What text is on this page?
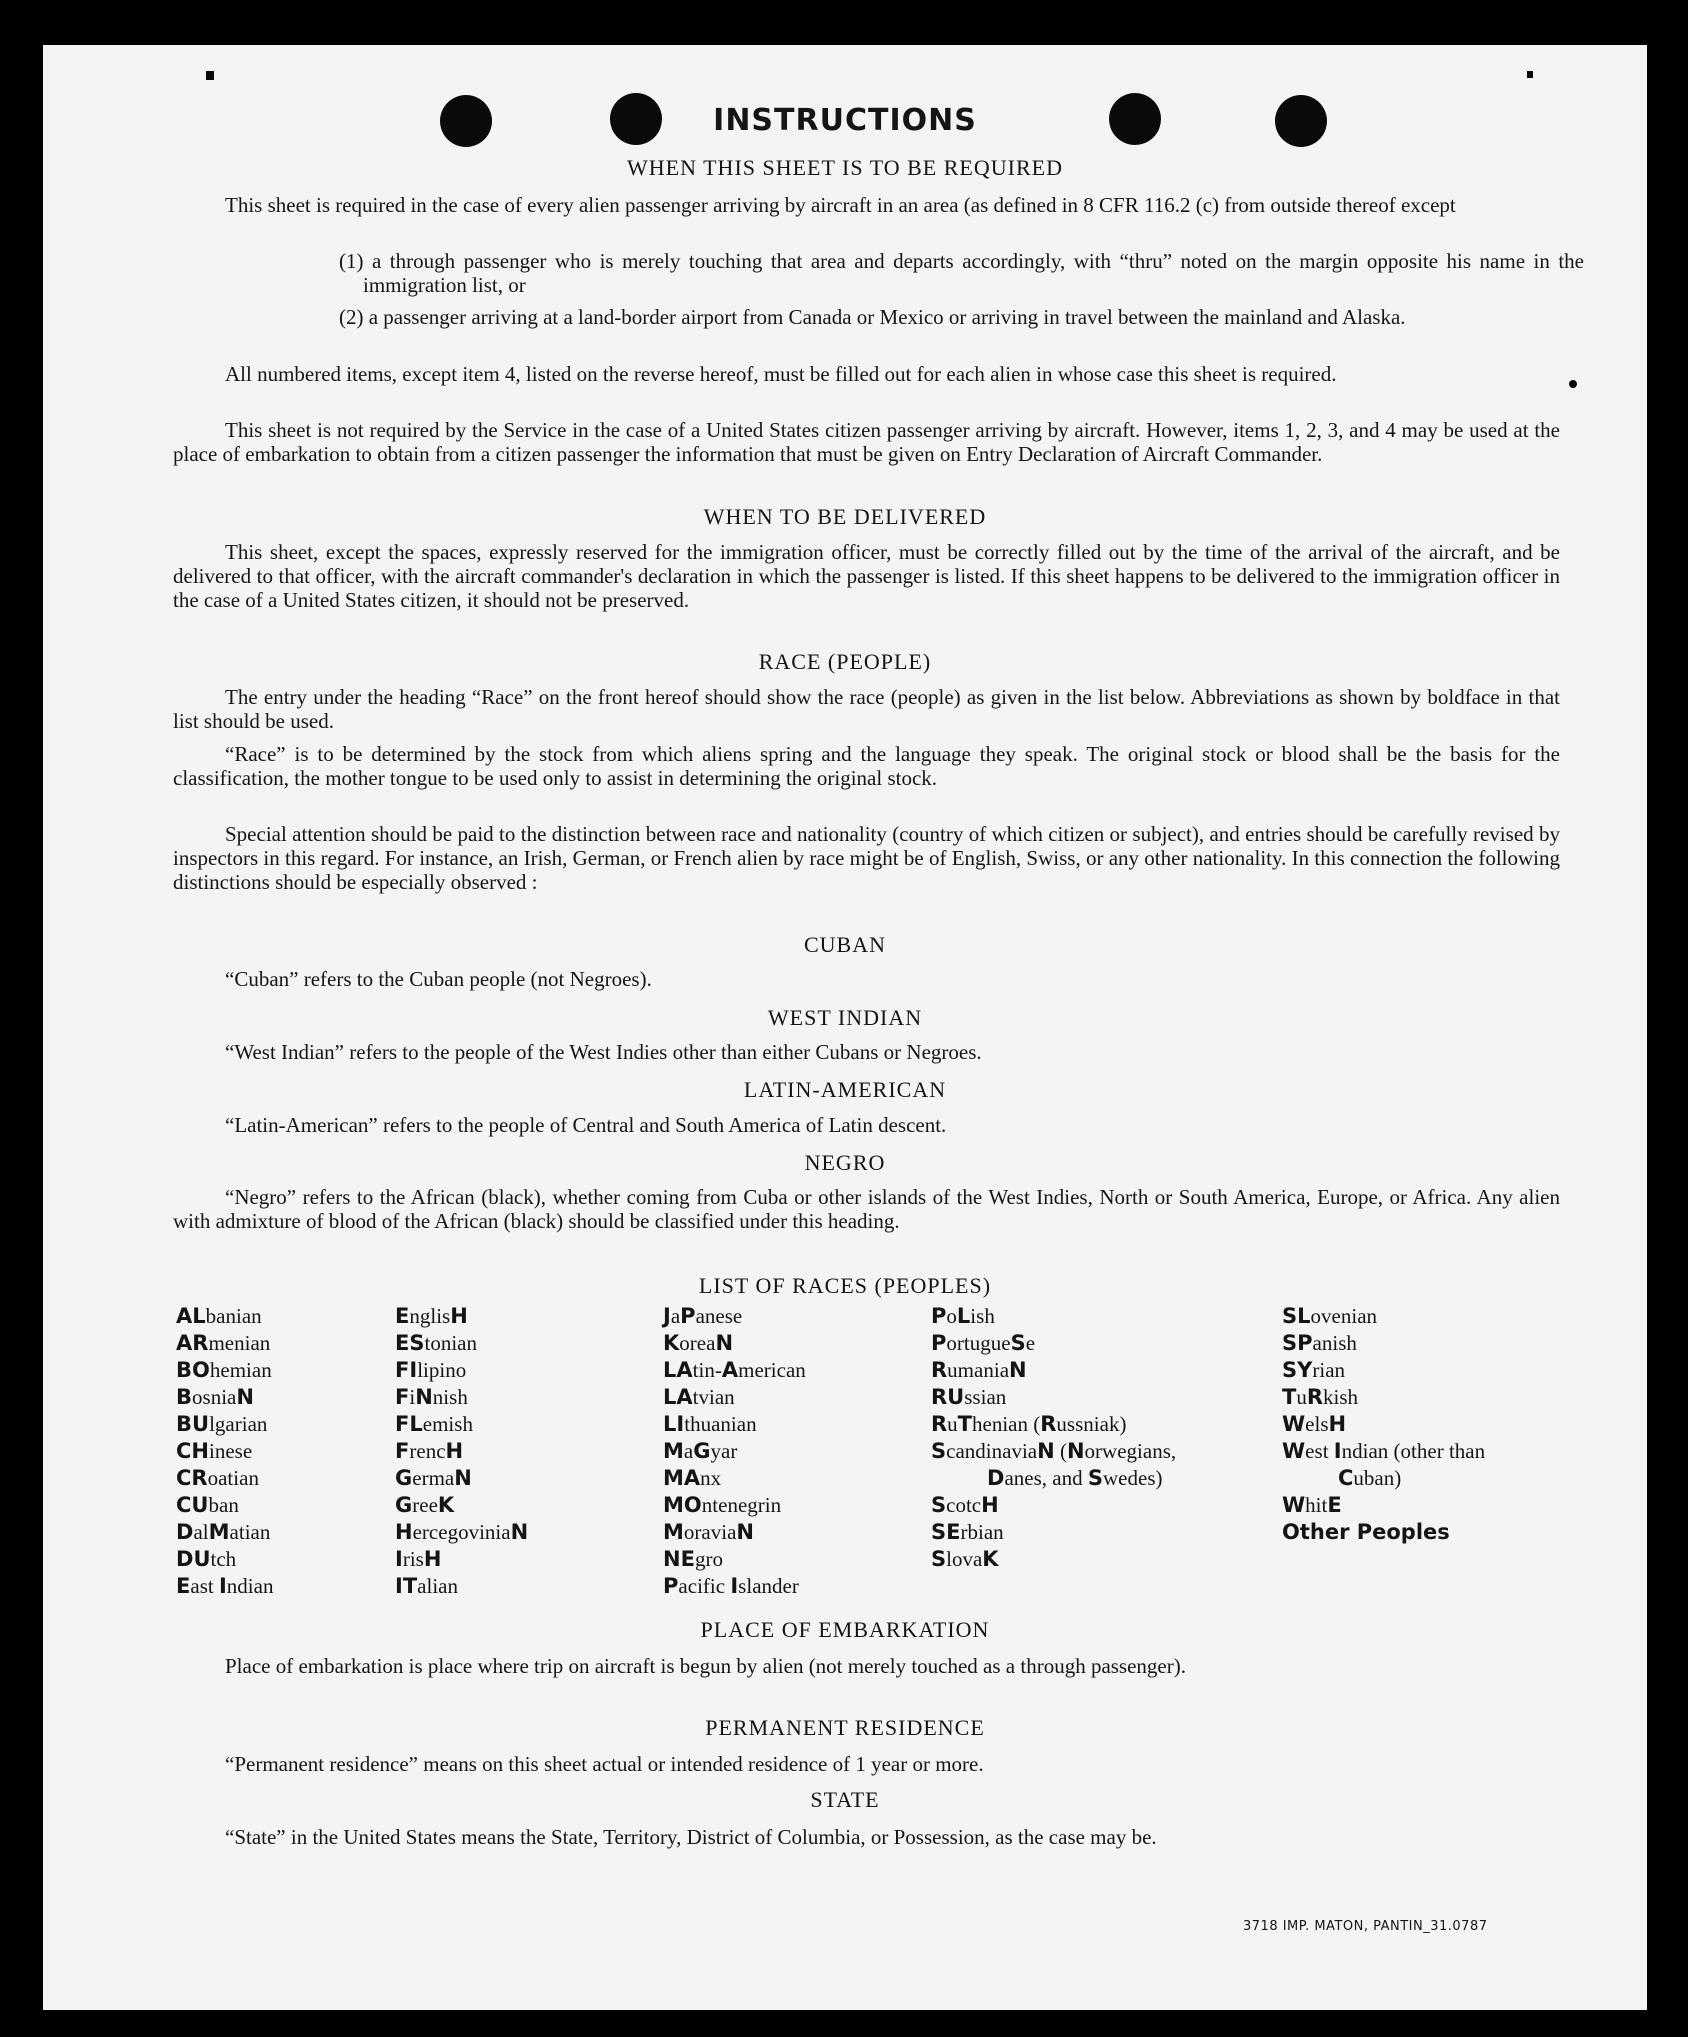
INSTRUCTIONS
WHEN THIS SHEET IS TO BE REQUIRED
This sheet is required in the case of every alien passenger arriving by aircraft in an area (as defined in 8 CFR 116.2 (c) from outside thereof except
(1) a through passenger who is merely touching that area and departs accordingly, with “thru” noted on the margin opposite his name in the immigration list, or
(2) a passenger arriving at a land-border airport from Canada or Mexico or arriving in travel between the mainland and Alaska.
All numbered items, except item 4, listed on the reverse hereof, must be filled out for each alien in whose case this sheet is required.
This sheet is not required by the Service in the case of a United States citizen passenger arriving by aircraft. However, items 1, 2, 3, and 4 may be used at the place of embarkation to obtain from a citizen passenger the information that must be given on Entry Declaration of Aircraft Commander.
WHEN TO BE DELIVERED
This sheet, except the spaces, expressly reserved for the immigration officer, must be correctly filled out by the time of the arrival of the aircraft, and be delivered to that officer, with the aircraft commander's declaration in which the passenger is listed. If this sheet happens to be delivered to the immigration officer in the case of a United States citizen, it should not be preserved.
RACE (PEOPLE)
The entry under the heading “Race” on the front hereof should show the race (people) as given in the list below. Abbreviations as shown by boldface in that list should be used.
“Race” is to be determined by the stock from which aliens spring and the language they speak. The original stock or blood shall be the basis for the classification, the mother tongue to be used only to assist in determining the original stock.
Special attention should be paid to the distinction between race and nationality (country of which citizen or subject), and entries should be carefully revised by inspectors in this regard. For instance, an Irish, German, or French alien by race might be of English, Swiss, or any other nationality. In this connection the following distinctions should be especially observed :
CUBAN
“Cuban” refers to the Cuban people (not Negroes).
WEST INDIAN
“West Indian” refers to the people of the West Indies other than either Cubans or Negroes.
LATIN-AMERICAN
“Latin-American” refers to the people of Central and South America of Latin descent.
NEGRO
“Negro” refers to the African (black), whether coming from Cuba or other islands of the West Indies, North or South America, Europe, or Africa. Any alien with admixture of blood of the African (black) should be classified under this heading.
LIST OF RACES (PEOPLES)
ALbanian
ARmenian
BOhemian
BosniaN
BUlgarian
CHinese
CRoatian
CUban
DalMatian
DUtch
East Indian
EnglisH
EStonian
FIlipino
FiNnish
FLemish
FrencH
GermaN
GreeK
HercegoviniaN
IrisH
ITalian
JaPanese
KoreaN
LAtin-American
LAtvian
LIthuanian
MaGyar
MAnx
MOntenegrin
MoraviaN
NEgro
Pacific Islander
PoLish
PortugueSe
RumaniaN
RUssian
RuThenian (Russniak)
ScandinaviaN (Norwegians, Danes, and Swedes)
ScotcH
SErbian
SlovaK
SLovenian
SPanish
SYrian
TuRkish
WelsH
West Indian (other than Cuban)
WhitE
Other Peoples
PLACE OF EMBARKATION
Place of embarkation is place where trip on aircraft is begun by alien (not merely touched as a through passenger).
PERMANENT RESIDENCE
“Permanent residence” means on this sheet actual or intended residence of 1 year or more.
STATE
“State” in the United States means the State, Territory, District of Columbia, or Possession, as the case may be.
3718 IMP. MATON, PANTIN_31.0787
